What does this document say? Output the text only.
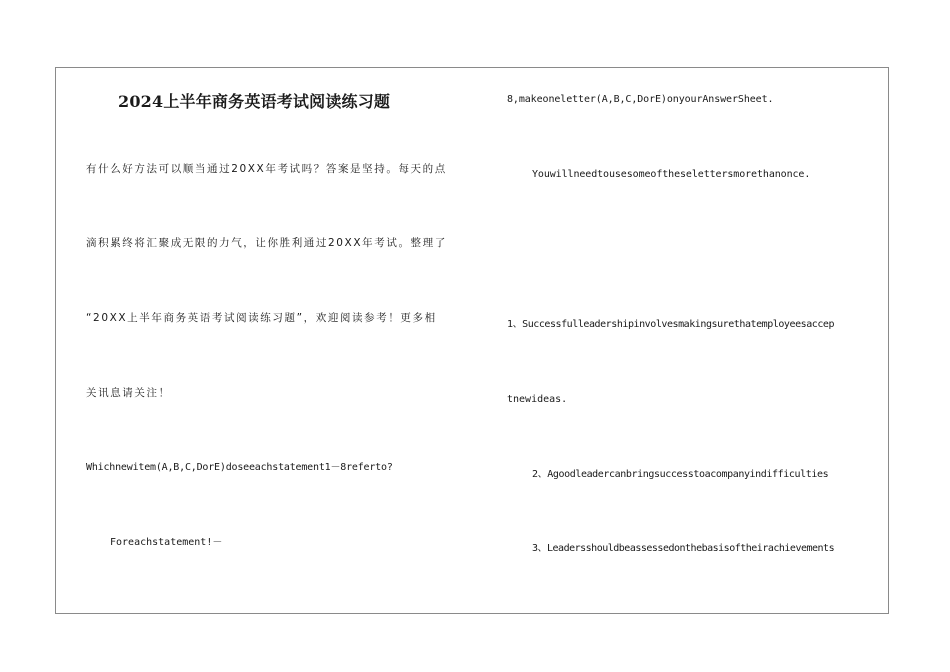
2024上半年商务英语考试阅读练习题
有什么好方法可以顺当通过20XX年考试吗？答案是坚持。每天的点
滴积累终将汇聚成无限的力气，让你胜利通过20XX年考试。整理了
“20XX上半年商务英语考试阅读练习题”，欢迎阅读参考！更多相
关讯息请关注！
Whichnewitem(A,B,C,DorE)doseeachstatement1－8referto?
Foreachstatement!－
8,makeoneletter(A,B,C,DorE)onyourAnswerSheet.
Youwillneedtousesomeoftheselettersmorethanonce.
1、Successfulleadershipinvolvesmakingsurethatemployeesaccep
tnewideas.
2、Agoodleadercanbringsuccesstoacompanyindifficulties
3、Leadersshouldbeassessedonthebasisoftheirachievements
